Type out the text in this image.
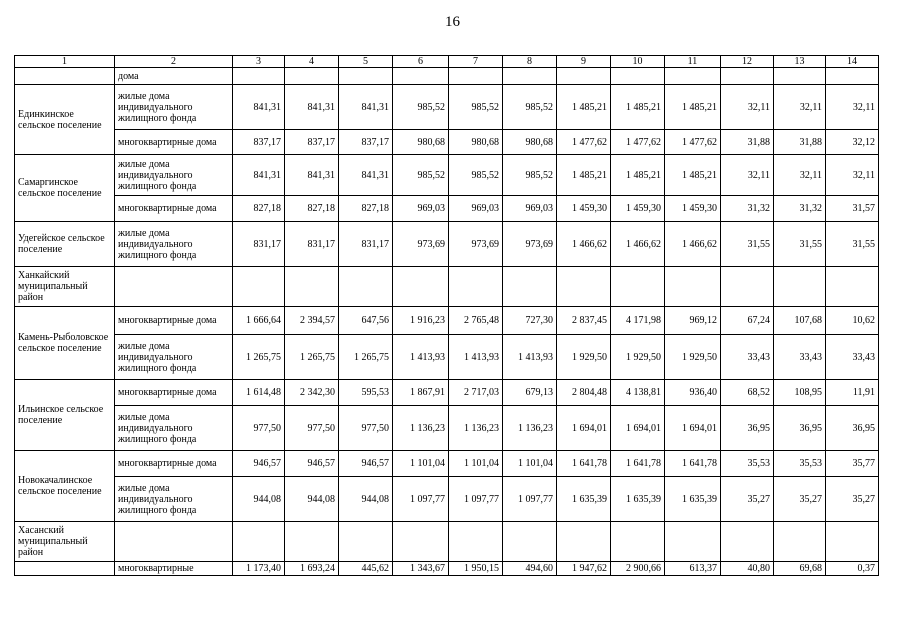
16
1	2	3	4	5	6	7	8	9	10	11	12	13	14
	дома												
Единкинское сельское поселение	жилые дома индивидуального жилищного фонда	841,31	841,31	841,31	985,52	985,52	985,52	1 485,21	1 485,21	1 485,21	32,11	32,11	32,11
	многоквартирные дома	837,17	837,17	837,17	980,68	980,68	980,68	1 477,62	1 477,62	1 477,62	31,88	31,88	32,12
Самаргинское сельское поселение	жилые дома индивидуального жилищного фонда	841,31	841,31	841,31	985,52	985,52	985,52	1 485,21	1 485,21	1 485,21	32,11	32,11	32,11
	многоквартирные дома	827,18	827,18	827,18	969,03	969,03	969,03	1 459,30	1 459,30	1 459,30	31,32	31,32	31,57
Удегейское сельское поселение	жилые дома индивидуального жилищного фонда	831,17	831,17	831,17	973,69	973,69	973,69	1 466,62	1 466,62	1 466,62	31,55	31,55	31,55
Ханкайский муниципальный район													
Камень-Рыболовское сельское поселение	многоквартирные дома	1 666,64	2 394,57	647,56	1 916,23	2 765,48	727,30	2 837,45	4 171,98	969,12	67,24	107,68	10,62
	жилые дома индивидуального жилищного фонда	1 265,75	1 265,75	1 265,75	1 413,93	1 413,93	1 413,93	1 929,50	1 929,50	1 929,50	33,43	33,43	33,43
Ильинское сельское поселение	многоквартирные дома	1 614,48	2 342,30	595,53	1 867,91	2 717,03	679,13	2 804,48	4 138,81	936,40	68,52	108,95	11,91
	жилые дома индивидуального жилищного фонда	977,50	977,50	977,50	1 136,23	1 136,23	1 136,23	1 694,01	1 694,01	1 694,01	36,95	36,95	36,95
Новокачалинское сельское поселение	многоквартирные дома	946,57	946,57	946,57	1 101,04	1 101,04	1 101,04	1 641,78	1 641,78	1 641,78	35,53	35,53	35,77
	жилые дома индивидуального жилищного фонда	944,08	944,08	944,08	1 097,77	1 097,77	1 097,77	1 635,39	1 635,39	1 635,39	35,27	35,27	35,27
Хасанский муниципальный район													
	многоквартирные	1 173,40	1 693,24	445,62	1 343,67	1 950,15	494,60	1 947,62	2 900,66	613,37	40,80	69,68	0,37
